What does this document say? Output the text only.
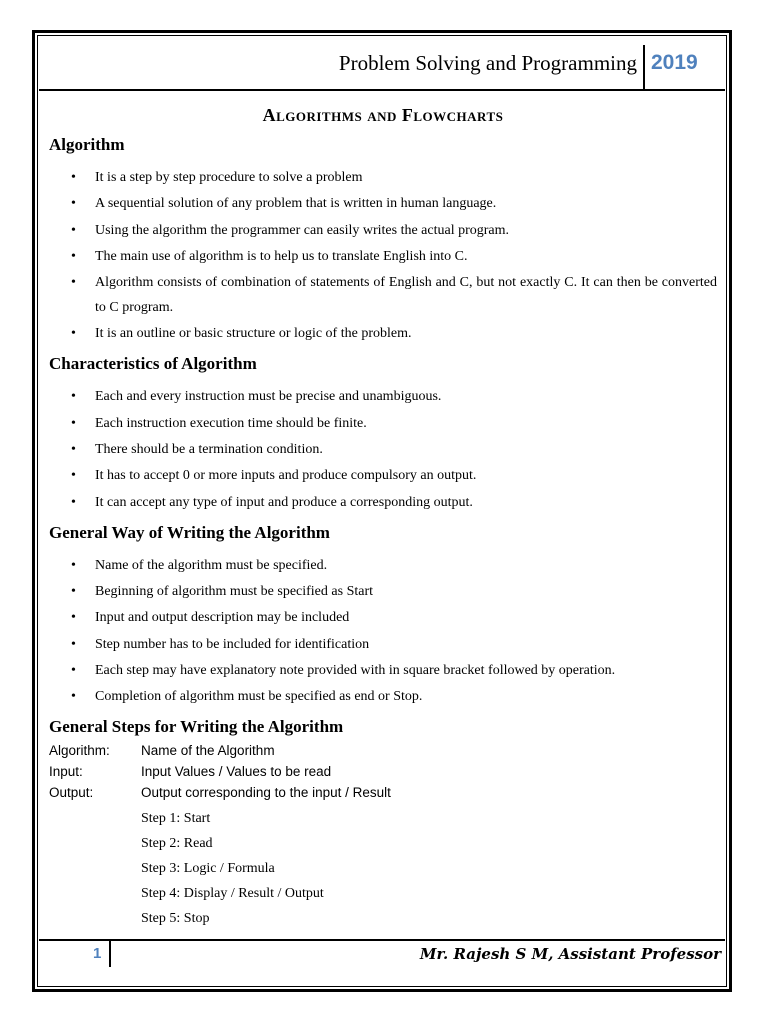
Problem Solving and Programming 2019
Algorithms and Flowcharts
Algorithm
• It is a step by step procedure to solve a problem
• A sequential solution of any problem that is written in human language.
• Using the algorithm the programmer can easily writes the actual program.
• The main use of algorithm is to help us to translate English into C.
• Algorithm consists of combination of statements of English and C, but not exactly C. It can then be converted to C program.
• It is an outline or basic structure or logic of the problem.
Characteristics of Algorithm
• Each and every instruction must be precise and unambiguous.
• Each instruction execution time should be finite.
• There should be a termination condition.
• It has to accept 0 or more inputs and produce compulsory an output.
• It can accept any type of input and produce a corresponding output.
General Way of Writing the Algorithm
• Name of the algorithm must be specified.
• Beginning of algorithm must be specified as Start
• Input and output description may be included
• Step number has to be included for identification
• Each step may have explanatory note provided with in square bracket followed by operation.
• Completion of algorithm must be specified as end or Stop.
General Steps for Writing the Algorithm
Algorithm: Name of the Algorithm
Input:	Input Values / Values to be read
Output:	Output corresponding to the input / Result
Step 1: Start
Step 2: Read
Step 3: Logic / Formula
Step 4: Display / Result / Output
Step 5: Stop
1	Mr. Rajesh S M, Assistant Professor
